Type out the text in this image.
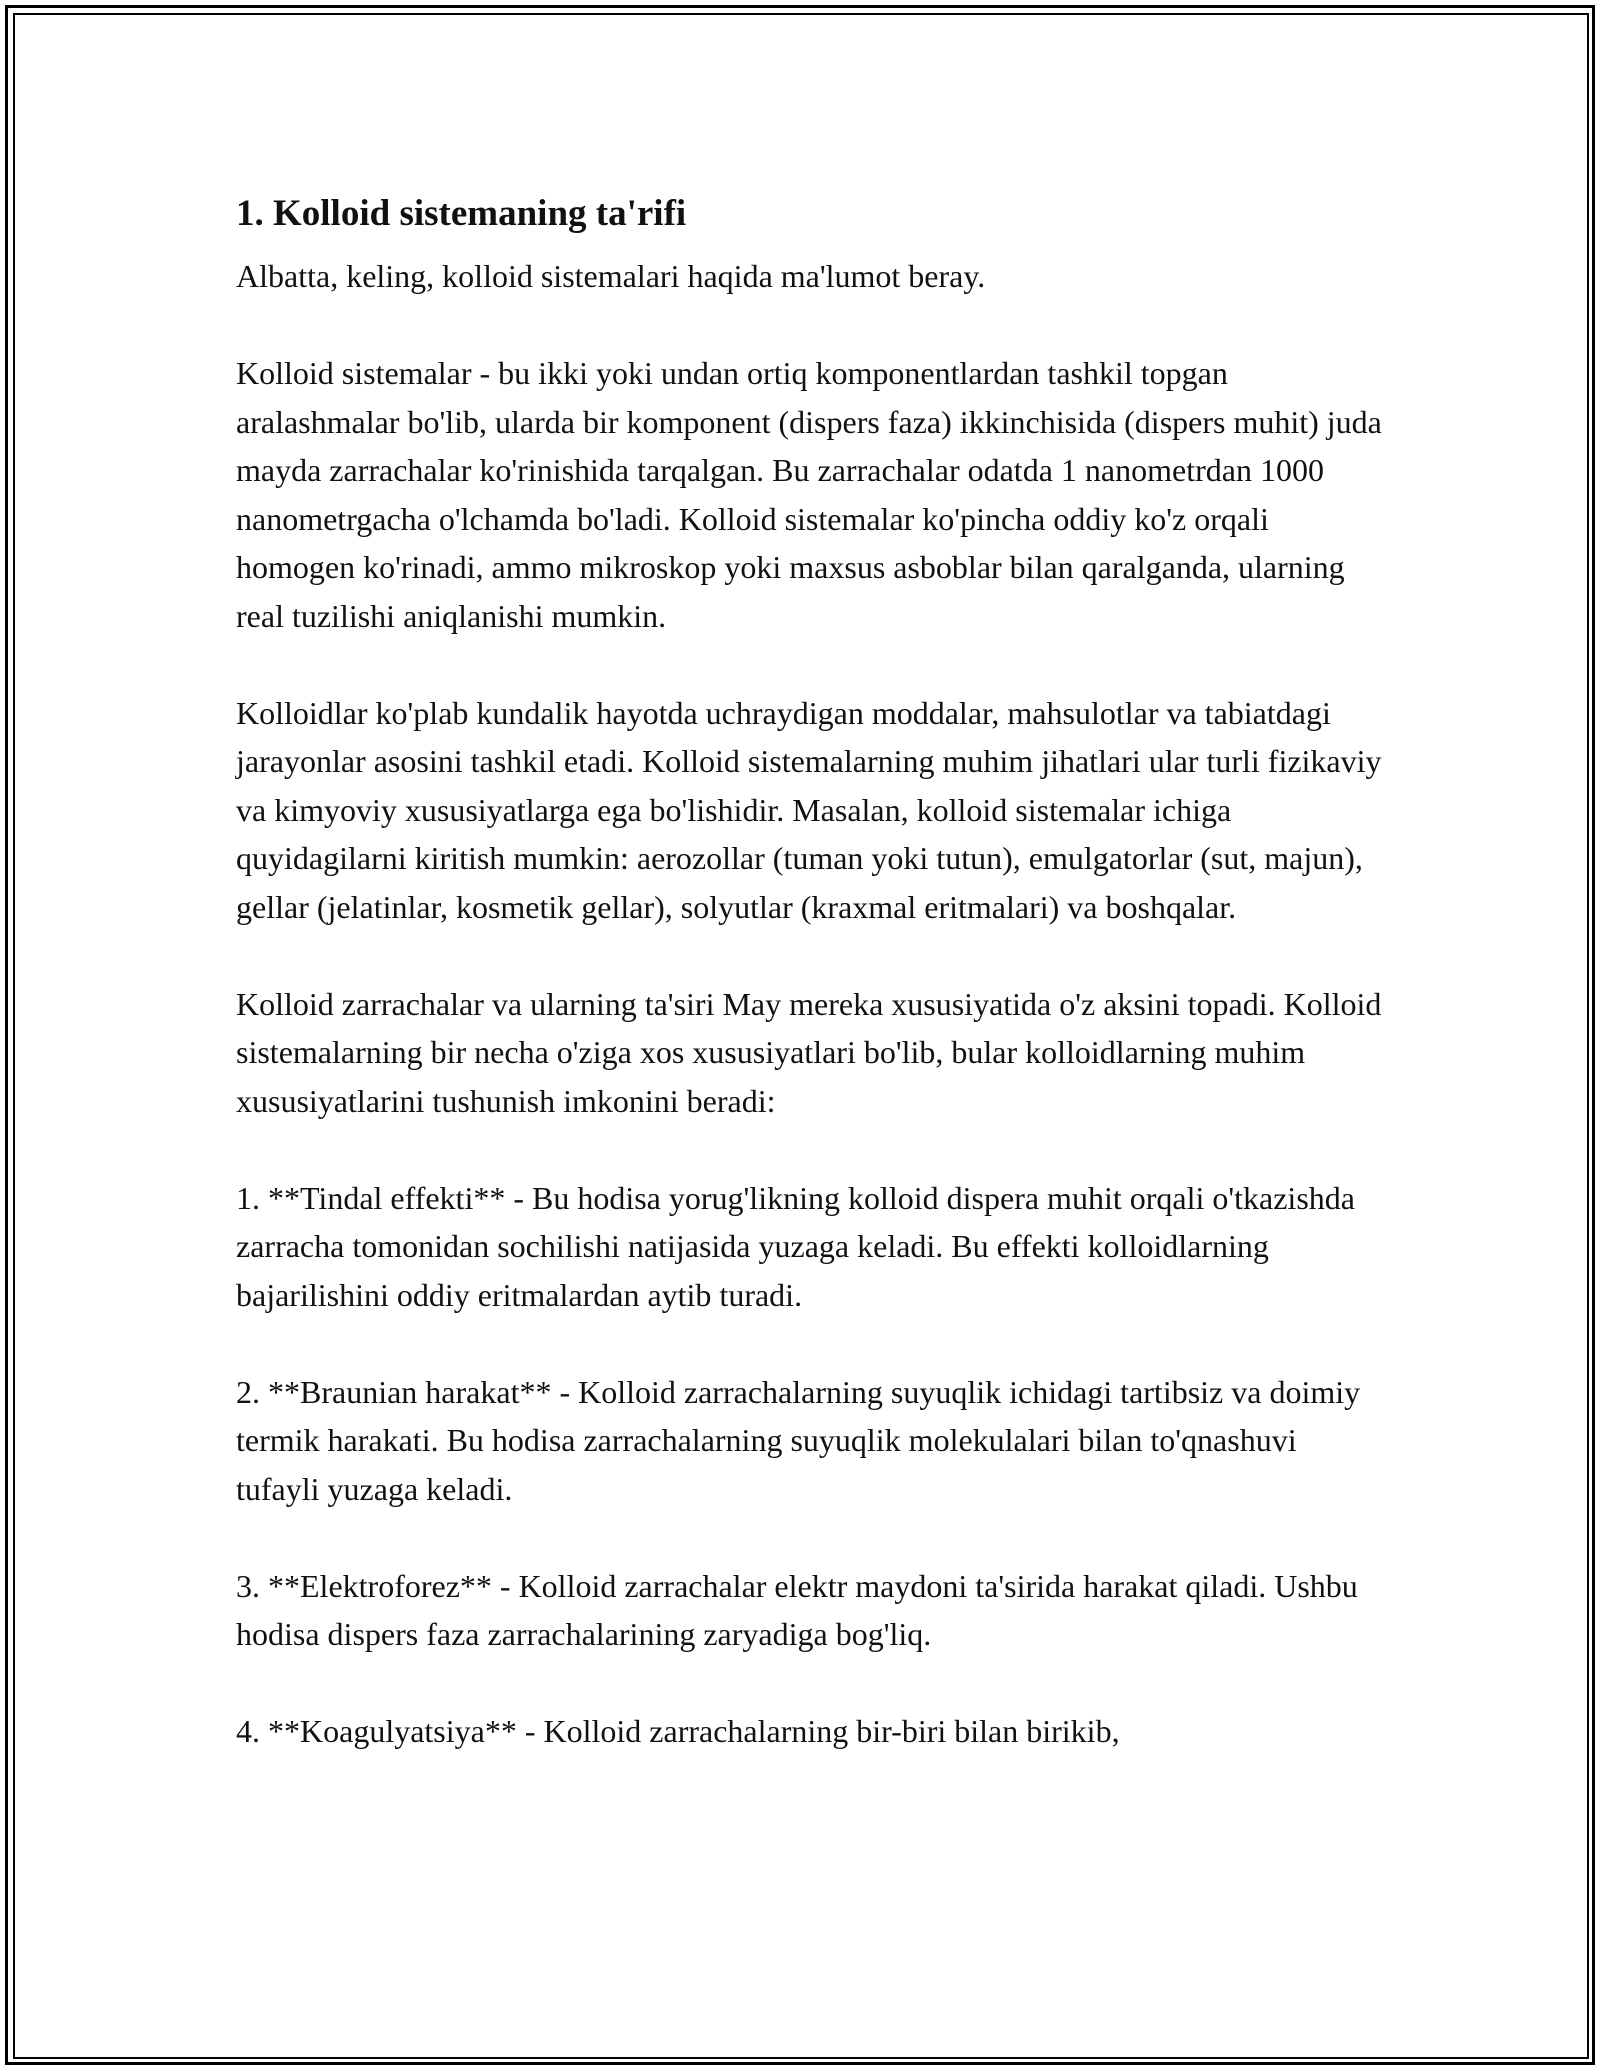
1. Kolloid sistemaning ta'rifi

Albatta, keling, kolloid sistemalari haqida ma'lumot beray.

Kolloid sistemalar - bu ikki yoki undan ortiq komponentlardan tashkil topgan aralashmalar bo'lib, ularda bir komponent (dispers faza) ikkinchisida (dispers muhit) juda mayda zarrachalar ko'rinishida tarqalgan. Bu zarrachalar odatda 1 nanometrdan 1000 nanometrgacha o'lchamda bo'ladi. Kolloid sistemalar ko'pincha oddiy ko'z orqali homogen ko'rinadi, ammo mikroskop yoki maxsus asboblar bilan qaralganda, ularning real tuzilishi aniqlanishi mumkin.

Kolloidlar ko'plab kundalik hayotda uchraydigan moddalar, mahsulotlar va tabiatdagi jarayonlar asosini tashkil etadi. Kolloid sistemalarning muhim jihatlari ular turli fizikaviy va kimyoviy xususiyatlarga ega bo'lishidir. Masalan, kolloid sistemalar ichiga quyidagilarni kiritish mumkin: aerozollar (tuman yoki tutun), emulgatorlar (sut, majun), gellar (jelatinlar, kosmetik gellar), solyutlar (kraxmal eritmalari) va boshqalar.

Kolloid zarrachalar va ularning ta'siri May mereka xususiyatida o'z aksini topadi. Kolloid sistemalarning bir necha o'ziga xos xususiyatlari bo'lib, bular kolloidlarning muhim xususiyatlarini tushunish imkonini beradi:

1. **Tindal effekti** - Bu hodisa yorug'likning kolloid dispera muhit orqali o'tkazishda zarracha tomonidan sochilishi natijasida yuzaga keladi. Bu effekti kolloidlarning bajarilishini oddiy eritmalardan aytib turadi.

2. **Braunian harakat** - Kolloid zarrachalarning suyuqlik ichidagi tartibsiz va doimiy termik harakati. Bu hodisa zarrachalarning suyuqlik molekulalari bilan to'qnashuvi tufayli yuzaga keladi.

3. **Elektroforez** - Kolloid zarrachalar elektr maydoni ta'sirida harakat qiladi. Ushbu hodisa dispers faza zarrachalarining zaryadiga bog'liq.

4. **Koagulyatsiya** - Kolloid zarrachalarning bir-biri bilan birikib,
